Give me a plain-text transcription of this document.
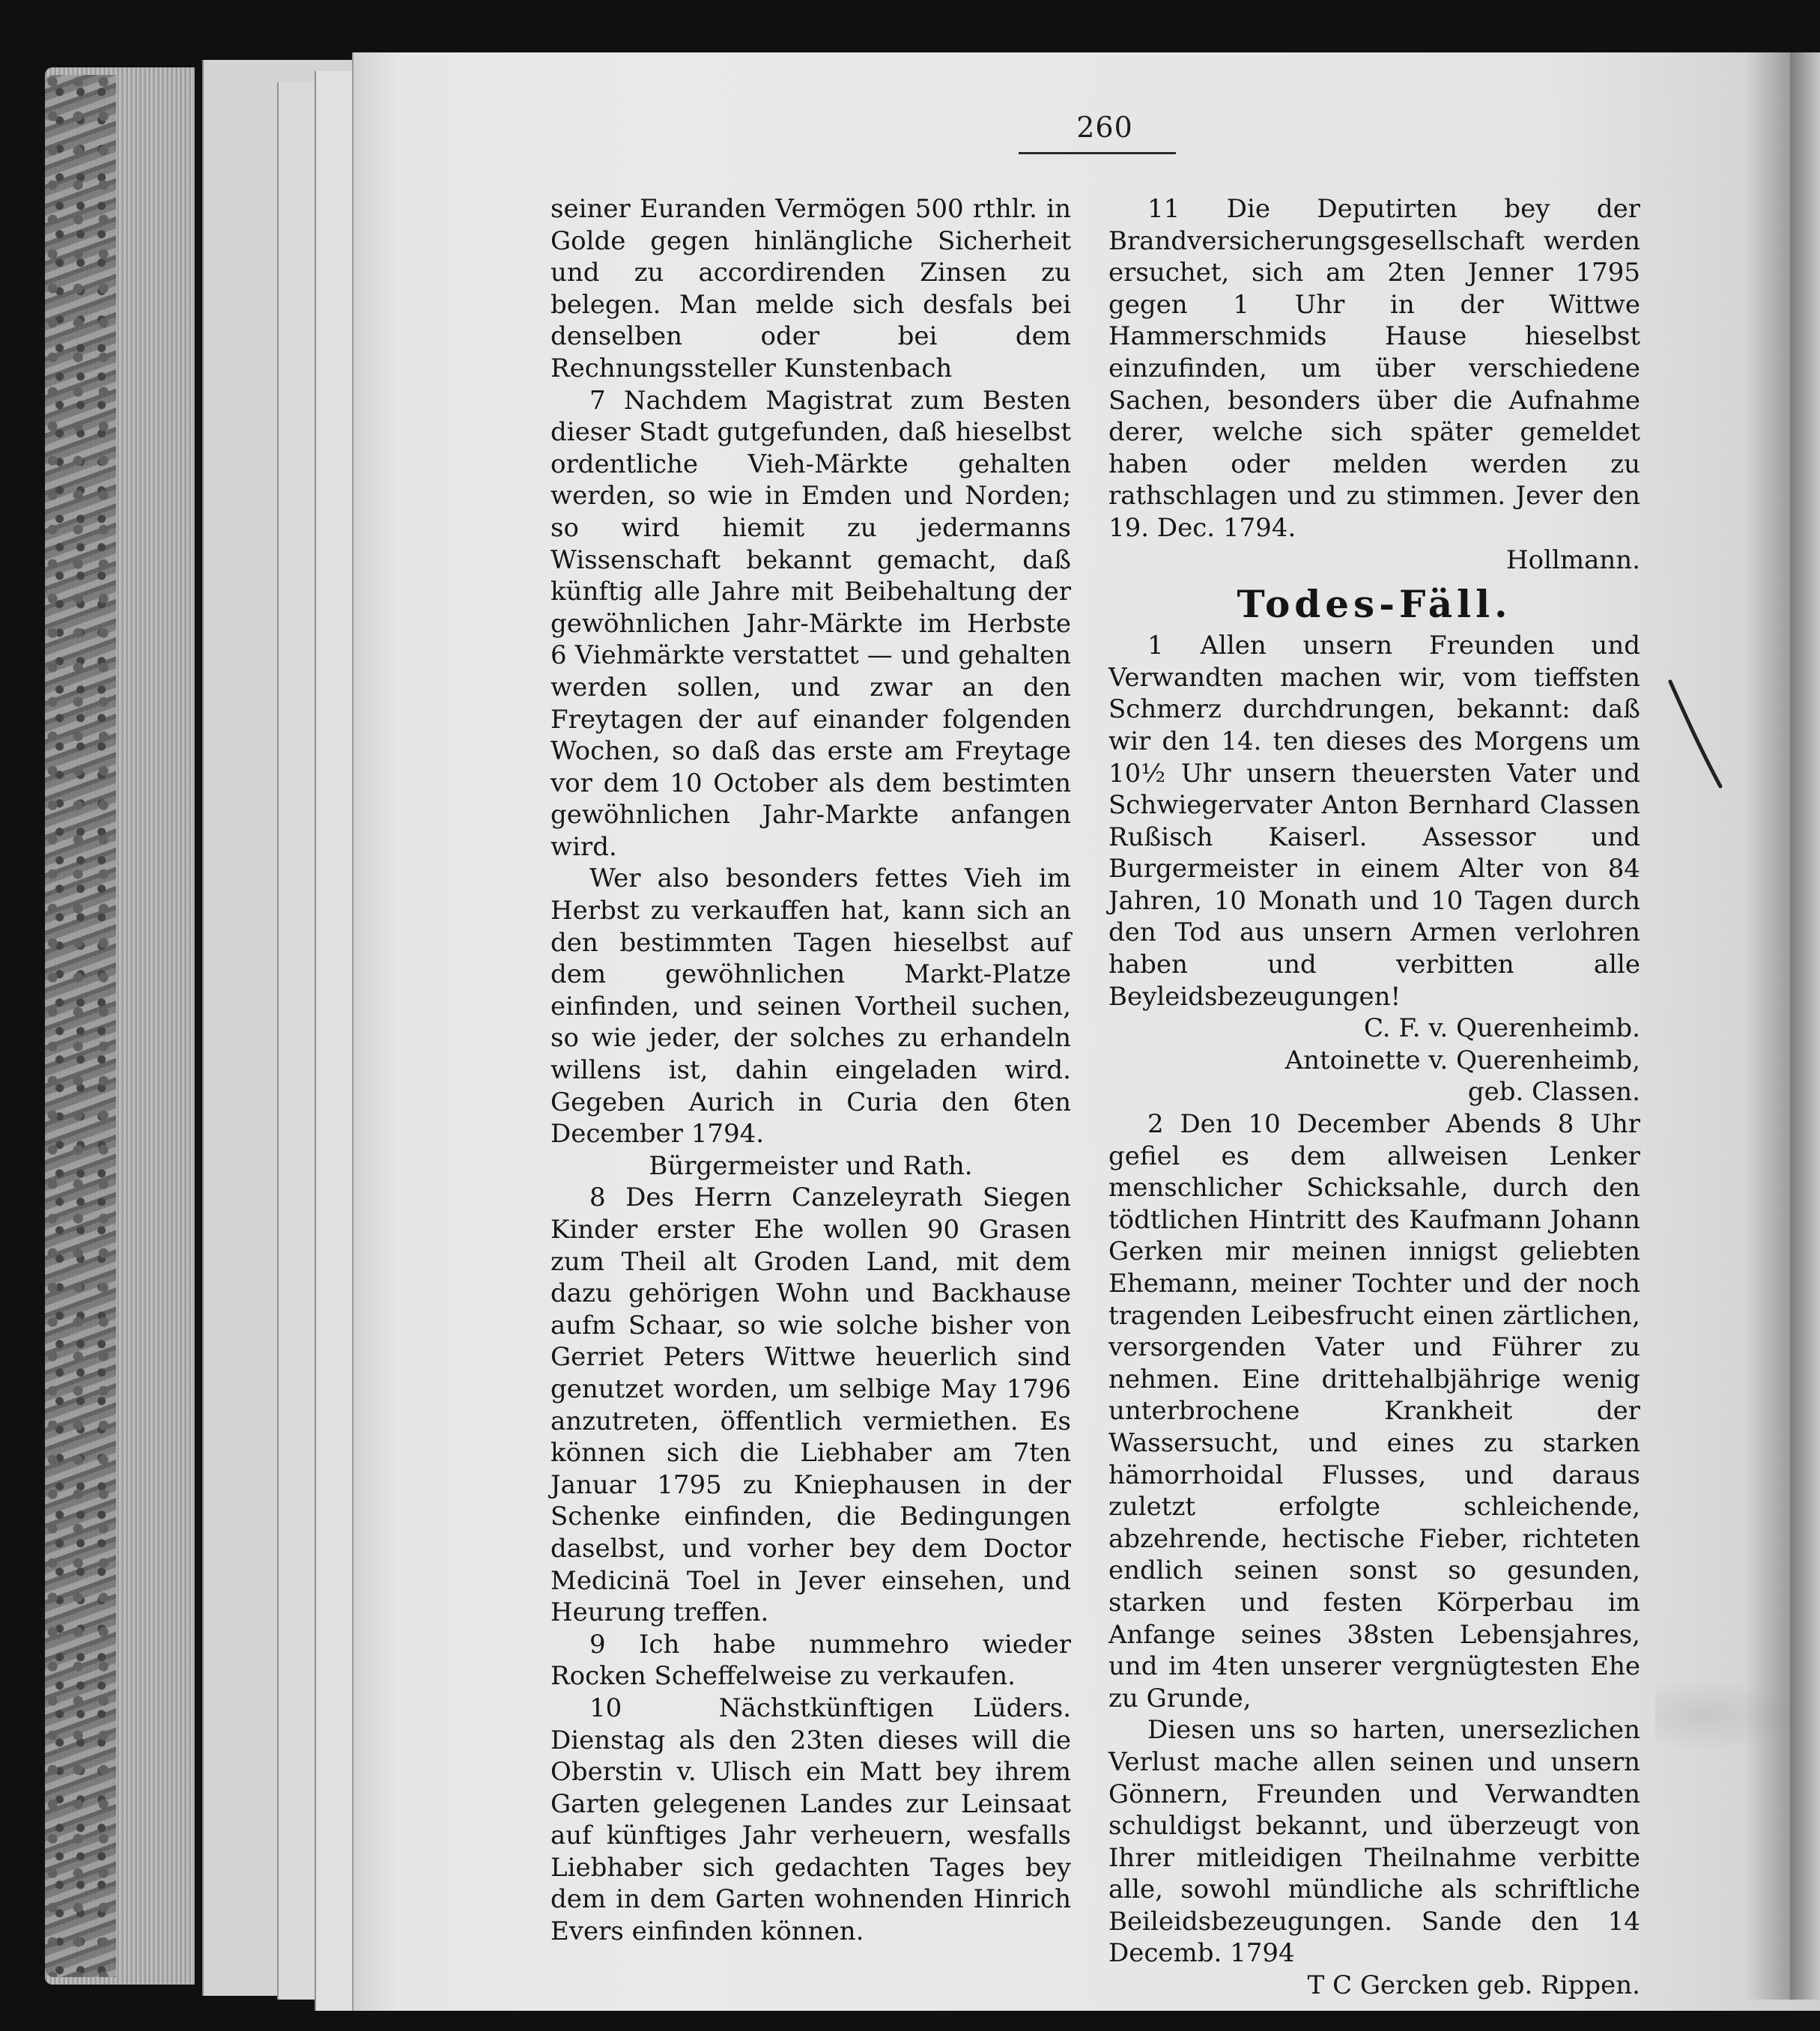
260

seiner Euranden Vermögen 500 rthlr. in Golde gegen hinlängliche Sicherheit und zu accordirenden Zinsen zu belegen. Man melde sich desfals bei denselben oder bei dem Rechnungssteller Kunstenbach

7 Nachdem Magistrat zum Besten dieser Stadt gutgefunden, daß hieselbst ordentliche Vieh-Märkte gehalten werden, so wie in Emden und Norden; so wird hiemit zu jedermanns Wissenschaft bekannt gemacht, daß künftig alle Jahre mit Beibehaltung der gewöhnlichen Jahr-Märkte im Herbste 6 Viehmärkte verstattet — und gehalten werden sollen, und zwar an den Freytagen der auf einander folgenden Wochen, so daß das erste am Freytage vor dem 10 October als dem bestimten gewöhnlichen Jahr-Markte anfangen wird.

Wer also besonders fettes Vieh im Herbst zu verkauffen hat, kann sich an den bestimmten Tagen hieselbst auf dem gewöhnlichen Markt-Platze einfinden, und seinen Vortheil suchen, so wie jeder, der solches zu erhandeln willens ist, dahin eingeladen wird. Gegeben Aurich in Curia den 6ten December 1794.

Bürgermeister und Rath.

8 Des Herrn Canzeleyrath Siegen Kinder erster Ehe wollen 90 Grasen zum Theil alt Groden Land, mit dem dazu gehörigen Wohn und Backhause aufm Schaar, so wie solche bisher von Gerriet Peters Wittwe heuerlich sind genutzet worden, um selbige May 1796 anzutreten, öffentlich vermiethen. Es können sich die Liebhaber am 7ten Januar 1795 zu Kniephausen in der Schenke einfinden, die Bedingungen daselbst, und vorher bey dem Doctor Medicinä Toel in Jever einsehen, und Heurung treffen.

9 Ich habe nummehro wieder Rocken Scheffelweise zu verkaufen.
Lüders.

10 Nächstkünftigen Dienstag als den 23ten dieses will die Oberstin v. Ulisch ein Matt bey ihrem Garten gelegenen Landes zur Leinsaat auf künftiges Jahr verheuern, wesfalls Liebhaber sich gedachten Tages bey dem in dem Garten wohnenden Hinrich Evers einfinden können.

11 Die Deputirten bey der Brandversicherungsgesellschaft werden ersuchet, sich am 2ten Jenner 1795 gegen 1 Uhr in der Wittwe Hammerschmids Hause hieselbst einzufinden, um über verschiedene Sachen, besonders über die Aufnahme derer, welche sich später gemeldet haben oder melden werden zu rathschlagen und zu stimmen. Jever den 19. Dec. 1794.

Hollmann.

Todes-Fäll.

1 Allen unsern Freunden und Verwandten machen wir, vom tieffsten Schmerz durchdrungen, bekannt: daß wir den 14. ten dieses des Morgens um 10½ Uhr unsern theuersten Vater und Schwiegervater Anton Bernhard Classen Rußisch Kaiserl. Assessor und Burgermeister in einem Alter von 84 Jahren, 10 Monath und 10 Tagen durch den Tod aus unsern Armen verlohren haben und verbitten alle Beyleidsbezeugungen!

C. F. v. Querenheimb.

Antoinette v. Querenheimb,

geb. Classen.

2 Den 10 December Abends 8 Uhr gefiel es dem allweisen Lenker menschlicher Schicksahle, durch den tödtlichen Hintritt des Kaufmann Johann Gerken mir meinen innigst geliebten Ehemann, meiner Tochter und der noch tragenden Leibesfrucht einen zärtlichen, versorgenden Vater und Führer zu nehmen. Eine drittehalbjährige wenig unterbrochene Krankheit der Wassersucht, und eines zu starken hämorrhoidal Flusses, und daraus zuletzt erfolgte schleichende, abzehrende, hectische Fieber, richteten endlich seinen sonst so gesunden, starken und festen Körperbau im Anfange seines 38sten Lebensjahres, und im 4ten unserer vergnügtesten Ehe zu Grunde,

Diesen uns so harten, unersezlichen Verlust mache allen seinen und unsern Gönnern, Freunden und Verwandten schuldigst bekannt, und überzeugt von Ihrer mitleidigen Theilnahme verbitte alle, sowohl mündliche als schriftliche Beileidsbezeugungen. Sande den 14 Decemb. 1794

T C Gercken geb. Rippen.
